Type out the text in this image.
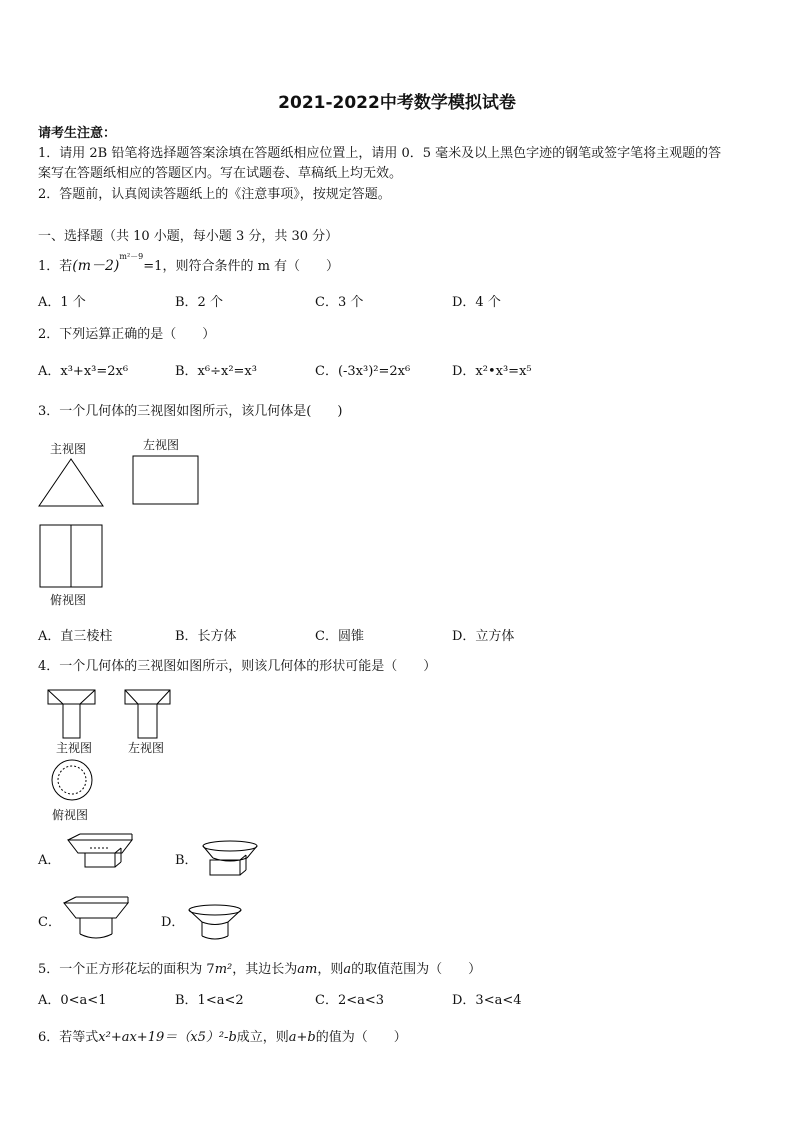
2021-2022中考数学模拟试卷
请考生注意：
1．请用 2B 铅笔将选择题答案涂填在答题纸相应位置上，请用 0．5 毫米及以上黑色字迹的钢笔或签字笔将主观题的答
案写在答题纸相应的答题区内。写在试题卷、草稿纸上均无效。
2．答题前，认真阅读答题纸上的《注意事项》，按规定答题。
一、选择题（共 10 小题，每小题 3 分，共 30 分）
1．若$(m-2)^{m^2-9}=1$，则符合条件的 m 有（　　）
A．1 个	B．2 个	C．3 个	D．4 个
2．下列运算正确的是（　　）
A．x³+x³=2x⁶	B．x⁶÷x²=x³	C．(-3x³)²=2x⁶	D．x²•x³=x⁵
3．一个几何体的三视图如图所示，该几何体是(　　)
主视图	左视图
俯视图
A．直三棱柱	B．长方体	C．圆锥	D．立方体
4．一个几何体的三视图如图所示，则该几何体的形状可能是（　　）
主视图	左视图
俯视图
A．	B．
C．	D．
5．一个正方形花坛的面积为 7m²，其边长为am，则a的取值范围为（　　）
A．0<a<1	B．1<a<2	C．2<a<3	D．3<a<4
6．若等式x²+ax+19＝（x5）²-b成立，则a+b的值为（　　）
